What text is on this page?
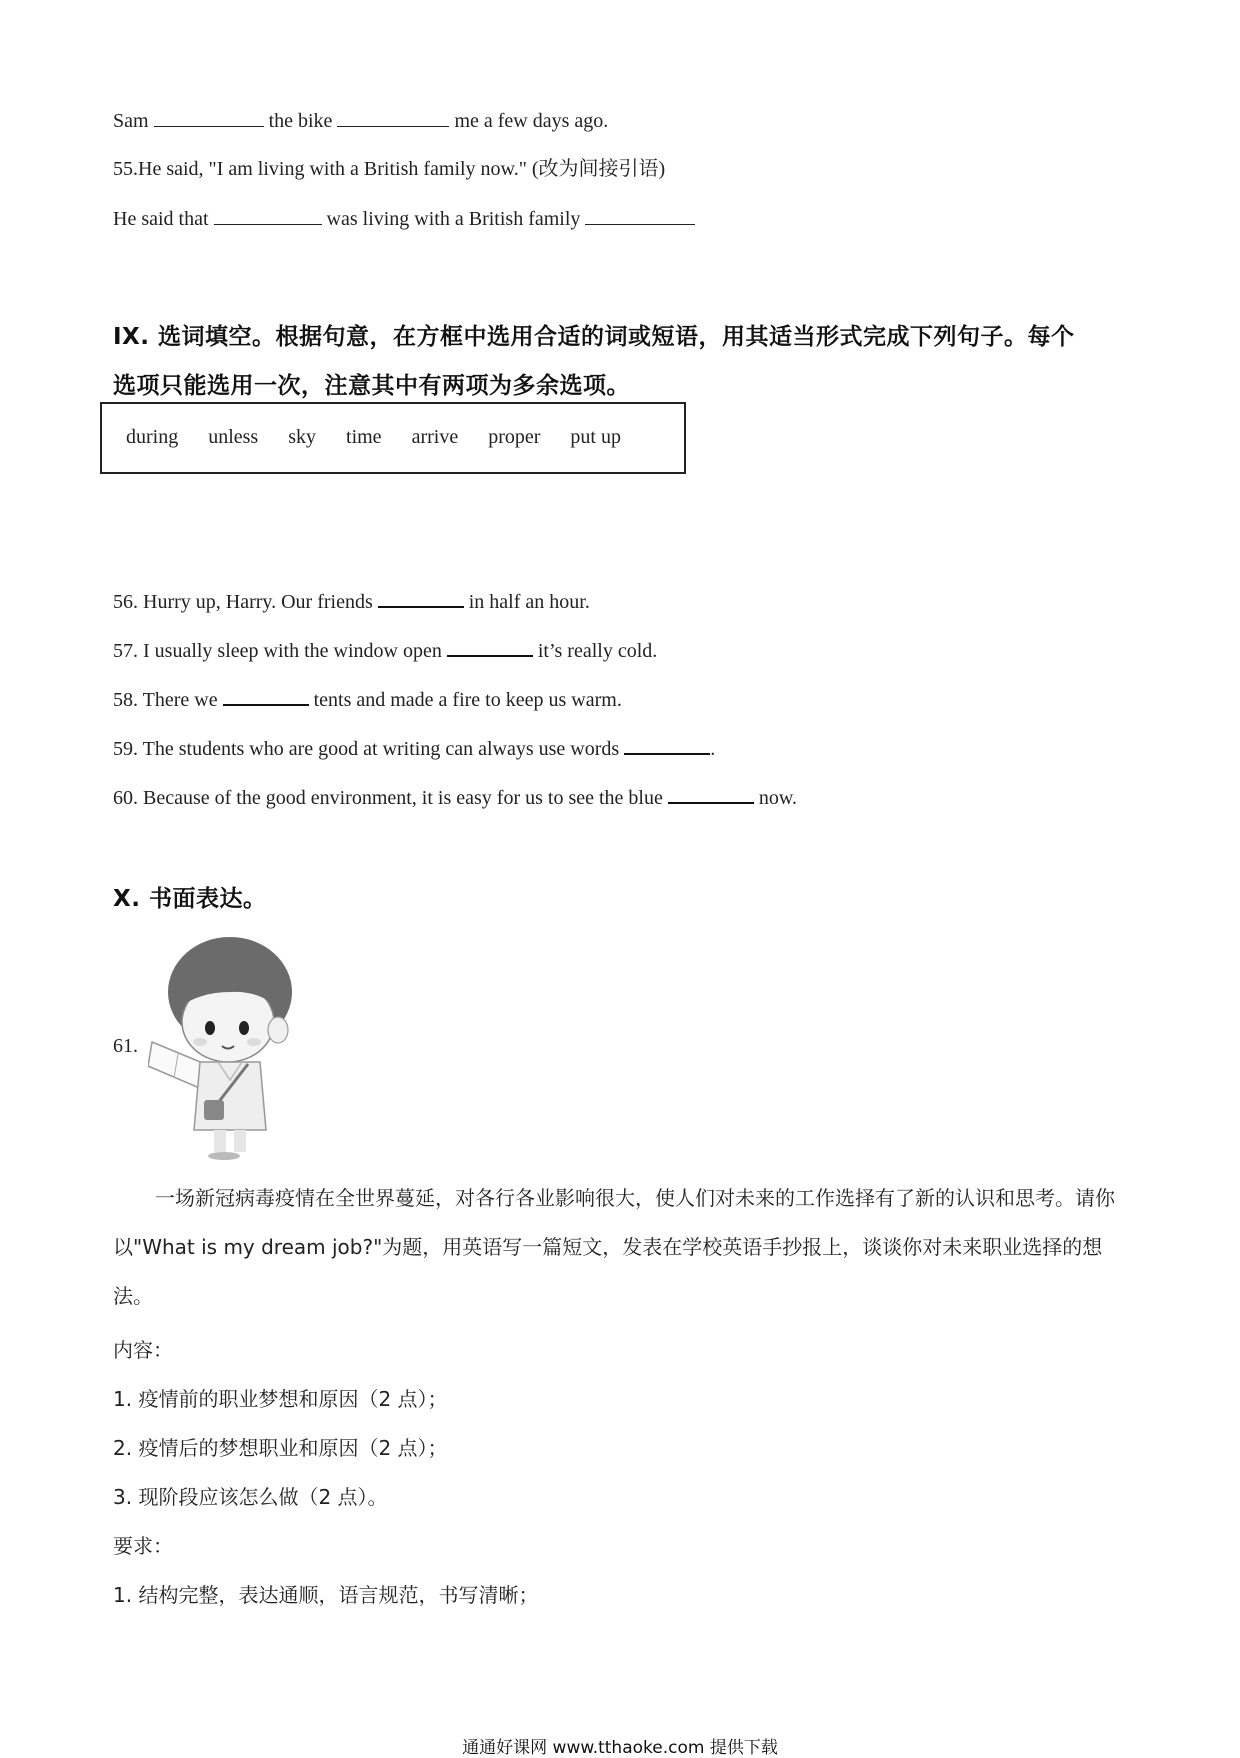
Sam	the bike	me a few days ago.
55.He said, "I am living with a British family now." (改为间接引语)
He said that	was living with a British family
IX. 选词填空。根据句意，在方框中选用合适的词或短语，用其适当形式完成下列句子。每个
选项只能选用一次，注意其中有两项为多余选项。
during unless sky time arrive proper put up
56. Hurry up, Harry. Our friends	in half an hour.
57. I usually sleep with the window open	it’s really cold.
58. There we	tents and made a fire to keep us warm.
59. The students who are good at writing can always use words	.
60. Because of the good environment, it is easy for us to see the blue	now.
X. 书面表达。
61.
一场新冠病毒疫情在全世界蔓延，对各行各业影响很大，使人们对未来的工作选择有了新的认识和思考。请你以"What is my dream job?"为题，用英语写一篇短文，发表在学校英语手抄报上，谈谈你对未来职业选择的想法。
内容：
1. 疫情前的职业梦想和原因（2 点）；
2. 疫情后的梦想职业和原因（2 点）；
3. 现阶段应该怎么做（2 点）。
要求：
1. 结构完整，表达通顺，语言规范，书写清晰；
通通好课网 www.tthaoke.com 提供下载
